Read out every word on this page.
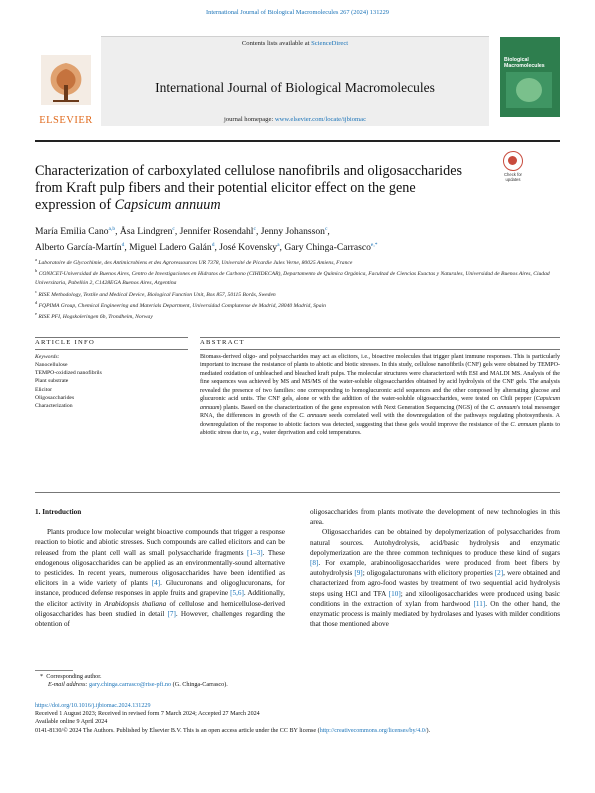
International Journal of Biological Macromolecules 267 (2024) 131229
ELSEVIER
Contents lists available at ScienceDirect
International Journal of Biological Macromolecules
journal homepage: www.elsevier.com/locate/ijbiomac
Biological Macromolecules
Characterization of carboxylated cellulose nanofibrils and oligosaccharides from Kraft pulp fibers and their potential elicitor effect on the gene expression of Capsicum annuum
Check for updates
María Emilia Cano$^{a,b}$, Åsa Lindgren$^c$, Jennifer Rosendahl$^c$, Jenny Johansson$^c$,
Alberto García-Martín$^d$, Miguel Ladero Galán$^d$, José Kovensky$^a$, Gary Chinga-Carrasco$^{e,*}$

$^a$ Laboratoire de Glycochimie, des Antimicrobiens et des Agroressources UR 7378, Université de Picardie Jules Verne, 80025 Amiens, France

$^b$ CONICET-Universidad de Buenos Aires, Centro de Investigaciones en Hidratos de Carbono (CIHIDECAR), Departamento de Química Orgánica, Facultad de Ciencias Exactas y Naturales, Universidad de Buenos Aires, Ciudad Universitaria, Pabellón 2, C1428EGA Buenos Aires, Argentina

$^c$ RISE Methodology, Textile and Medical Device, Biological Function Unit, Box 857, 50115 Borås, Sweden

$^d$ FQPIMA Group, Chemical Engineering and Materials Department, Universidad Complutense de Madrid, 28040 Madrid, Spain

$^e$ RISE PFI, Hogskoleringen 6b, Trondheim, Norway

ARTICLE INFO	ABSTRACT
Keywords:
Nanocellulose
TEMPO-oxidized nanofibrils
Plant substrate
Elicitor
Oligosaccharides
Characterization
Biomass-derived oligo- and polysaccharides may act as elicitors, i.e., bioactive molecules that trigger plant immune responses. This is particularly important to increase the resistance of plants to abiotic and biotic stresses. In this study, cellulose nanofibrils (CNF) gels were obtained by TEMPO-mediated oxidation of unbleached and bleached kraft pulps. The molecular structures were characterized with ESI and MALDI MS. Analysis of the fine sequences was achieved by MS and MS/MS of the water-soluble oligosaccharides obtained by acid hydrolysis of the CNF gels. The analysis revealed the presence of two families: one corresponding to homoglucuronic acid sequences and the other composed by alternating glucose and glucuronic acid units. The CNF gels, alone or with the addition of the water-soluble oligosaccharides, were tested on Chili pepper (Capsicum annuum) plants. Based on the characterization of the gene expression with Next Generation Sequencing (NGS) of the C. annuum's total messenger RNA, the differences in growth of the C. annuum seeds correlated well with the downregulation of the pathways regulating photosynthesis. A downregulation of the response to abiotic factors was detected, suggesting that these gels would improve the resistance of the C. annuum plants to abiotic stress due to, e.g., water deprivation and cold temperatures.
1. Introduction

Plants produce low molecular weight bioactive compounds that trigger a response reaction to biotic and abiotic stresses. Such compounds are called elicitors and can be released from the plant cell wall as small polysaccharide fragments [1–3]. These endogenous oligosaccharides can be applied as an environmentally-sound alternative to pesticides. In recent years, numerous oligosaccharides have been identified as elicitors in a wide variety of plants [4]. Glucuronans and oligoglucuronans, for instance, produced defense responses in apple fruits and grapevine [5,6]. Additionally, the elicitor activity in Arabidopsis thaliana of cellulose and hemicellulose-derived oligosaccharides has been studied in detail [7]. However, challenges regarding the obtention of

oligosaccharides from plants motivate the development of new technologies in this area.

Oligosaccharides can be obtained by depolymerization of polysaccharides from natural sources. Autohydrolysis, acid/basic hydrolysis and enzymatic depolymerization are the three common techniques to produce these kind of sugars [8]. For example, arabinooligosaccharides were produced from beet fibers by autohydrolysis [9]; oligogalacturonans with elicitory properties [2], were obtained and characterized from agro-food wastes by treatment of two sequential acid hydrolysis steps using HCl and TFA [10]; and xilooligosaccharides were produced using basic conditions in the extraction of xylan from hardwood [11]. On the other hand, the enzymatic process is mainly mediated by hydrolases and lyases with milder conditions that those mentioned above

* Corresponding author.
E-mail address: gary.chinga.carrasco@rise-pfi.no (G. Chinga-Carrasco).
https://doi.org/10.1016/j.ijbiomac.2024.131229
Received 1 August 2023; Received in revised form 7 March 2024; Accepted 27 March 2024
Available online 9 April 2024
0141-8130/© 2024 The Authors. Published by Elsevier B.V. This is an open access article under the CC BY license (http://creativecommons.org/licenses/by/4.0/).
